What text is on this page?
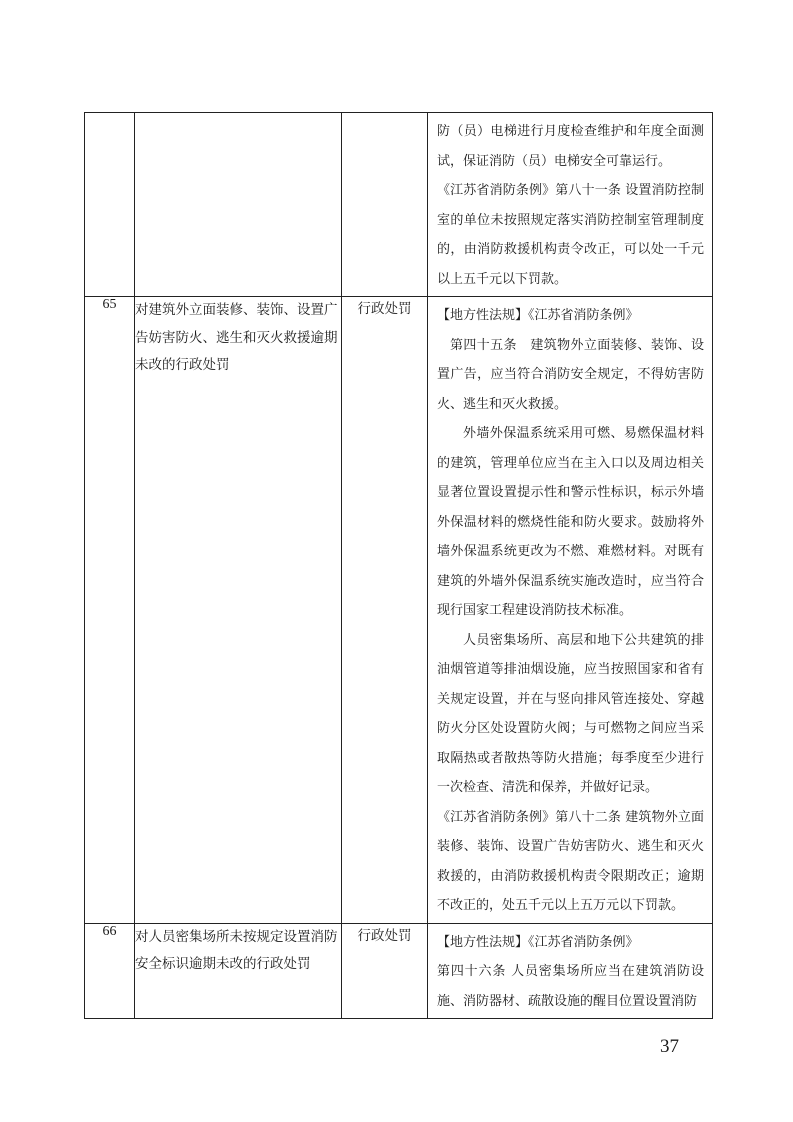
			防（员）电梯进行月度检查维护和年度全面测试，保证消防（员）电梯安全可靠运行。

《江苏省消防条例》第八十一条 设置消防控制室的单位未按照规定落实消防控制室管理制度的，由消防救援机构责令改正，可以处一千元以上五千元以下罚款。

65	对建筑外立面装修、装饰、设置广告妨害防火、逃生和灭火救援逾期未改的行政处罚	行政处罚	【地方性法规】《江苏省消防条例》

第四十五条　建筑物外立面装修、装饰、设置广告，应当符合消防安全规定，不得妨害防火、逃生和灭火救援。

外墙外保温系统采用可燃、易燃保温材料的建筑，管理单位应当在主入口以及周边相关显著位置设置提示性和警示性标识，标示外墙外保温材料的燃烧性能和防火要求。鼓励将外墙外保温系统更改为不燃、难燃材料。对既有建筑的外墙外保温系统实施改造时，应当符合现行国家工程建设消防技术标准。

人员密集场所、高层和地下公共建筑的排油烟管道等排油烟设施，应当按照国家和省有关规定设置，并在与竖向排风管连接处、穿越防火分区处设置防火阀；与可燃物之间应当采取隔热或者散热等防火措施；每季度至少进行一次检查、清洗和保养，并做好记录。

《江苏省消防条例》第八十二条 建筑物外立面装修、装饰、设置广告妨害防火、逃生和灭火救援的，由消防救援机构责令限期改正；逾期不改正的，处五千元以上五万元以下罚款。

66	对人员密集场所未按规定设置消防安全标识逾期未改的行政处罚	行政处罚	【地方性法规】《江苏省消防条例》

第四十六条 人员密集场所应当在建筑消防设施、消防器材、疏散设施的醒目位置设置消防

37
